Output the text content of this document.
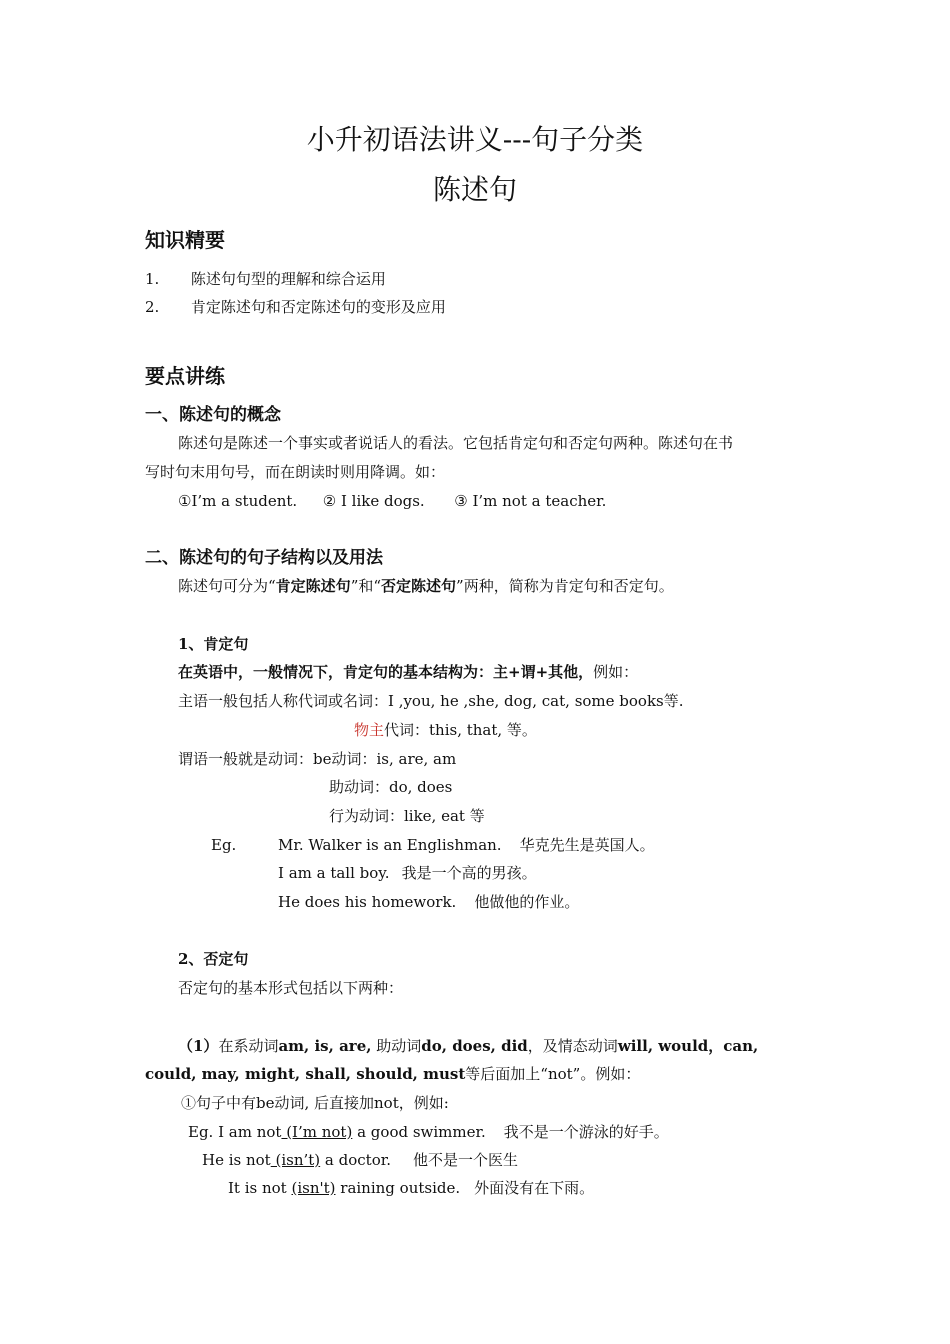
小升初语法讲义---句子分类
陈述句
知识精要
1. 陈述句句型的理解和综合运用
2. 肯定陈述句和否定陈述句的变形及应用
要点讲练
一、陈述句的概念
陈述句是陈述一个事实或者说话人的看法。它包括肯定句和否定句两种。陈述句在书
写时句末用句号，而在朗读时则用降调。如：
①I’m a student. ② I like dogs. ③ I’m not a teacher.
二、陈述句的句子结构以及用法
陈述句可分为“肯定陈述句”和“否定陈述句”两种，简称为肯定句和否定句。
1、肯定句
在英语中，一般情况下，肯定句的基本结构为：主+谓+其他，例如：
主语一般包括人称代词或名词：I ,you, he ,she, dog, cat, some books等.
物主代词：this, that, 等。
谓语一般就是动词：be动词：is, are, am
助动词：do, does
行为动词：like, eat 等
Eg.	Mr. Walker is an Englishman. 华克先生是英国人。
I am a tall boy. 我是一个高的男孩。
He does his homework. 他做他的作业。
2、否定句
否定句的基本形式包括以下两种：
（1）在系动词am, is, are, 助动词do, does, did，及情态动词will, would，can,
could, may, might, shall, should, must等后面加上“not”。例如：
①句子中有be动词, 后直接加not，例如:
Eg. I am not (I’m not) a good swimmer. 我不是一个游泳的好手。
He is not (isn’t) a doctor. 他不是一个医生
It is not (isn't) raining outside. 外面没有在下雨。
